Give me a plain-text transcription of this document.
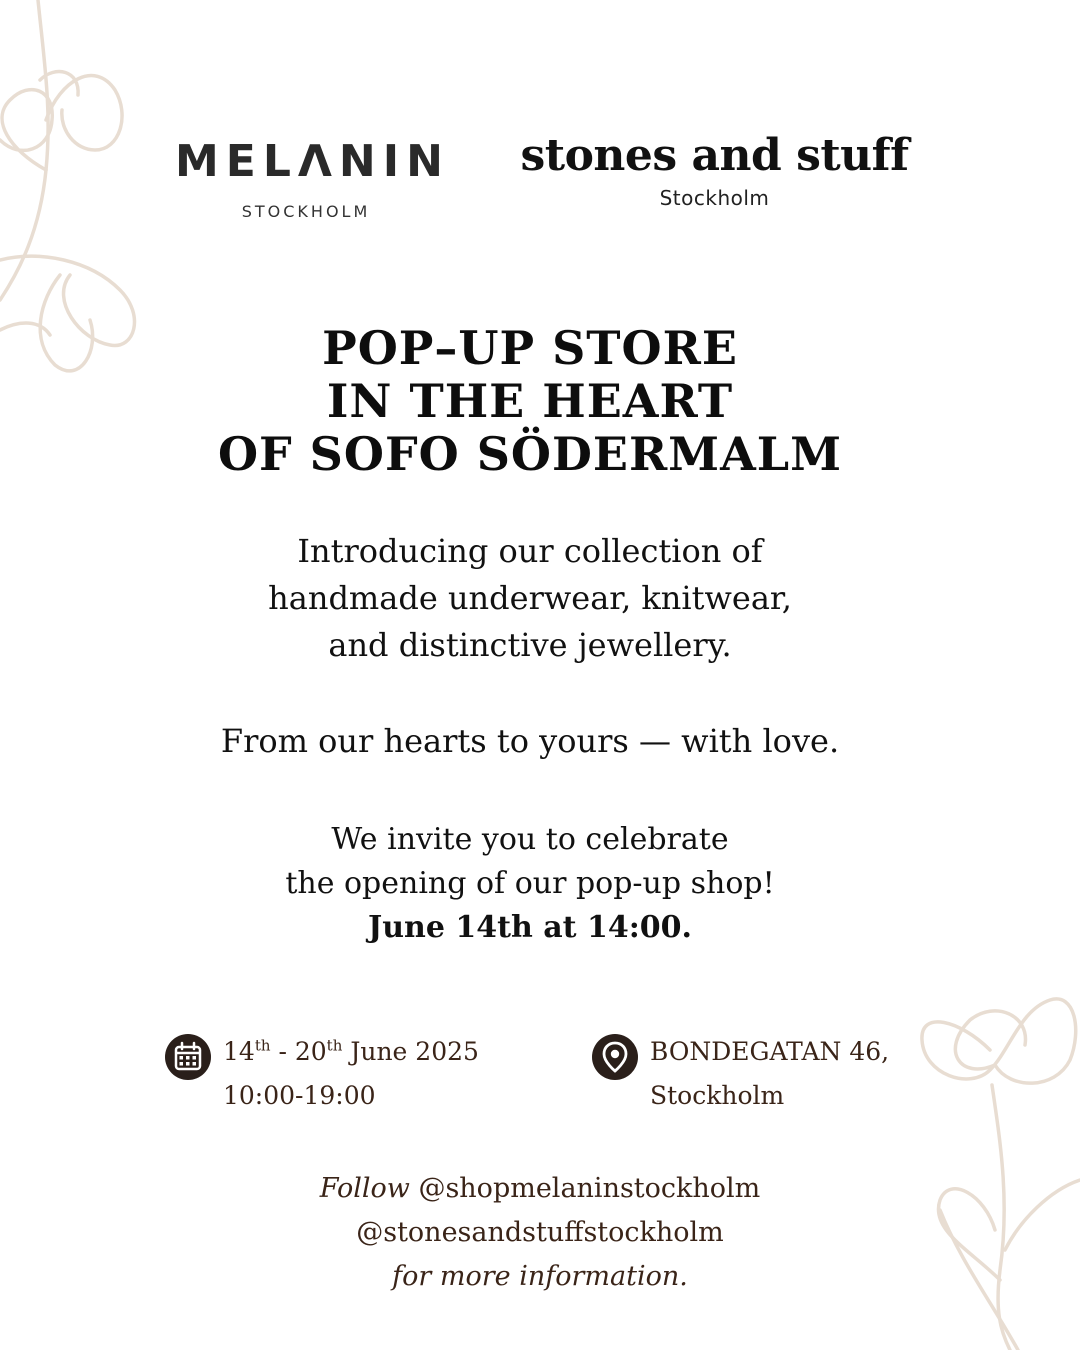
MELΛNIN
STOCKHOLM
stones and stuff
Stockholm
POP–UP STORE
IN THE HEART
OF SOFO SÖDERMALM
Introducing our collection of
handmade underwear, knitwear,
and distinctive jewellery.
From our hearts to yours — with love.
We invite you to celebrate
the opening of our pop-up shop!
June 14th at 14:00.
14th - 20th June 2025
10:00-19:00
BONDEGATAN 46,
Stockholm
Follow @shopmelaninstockholm
@stonesandstuffstockholm
for more information.
